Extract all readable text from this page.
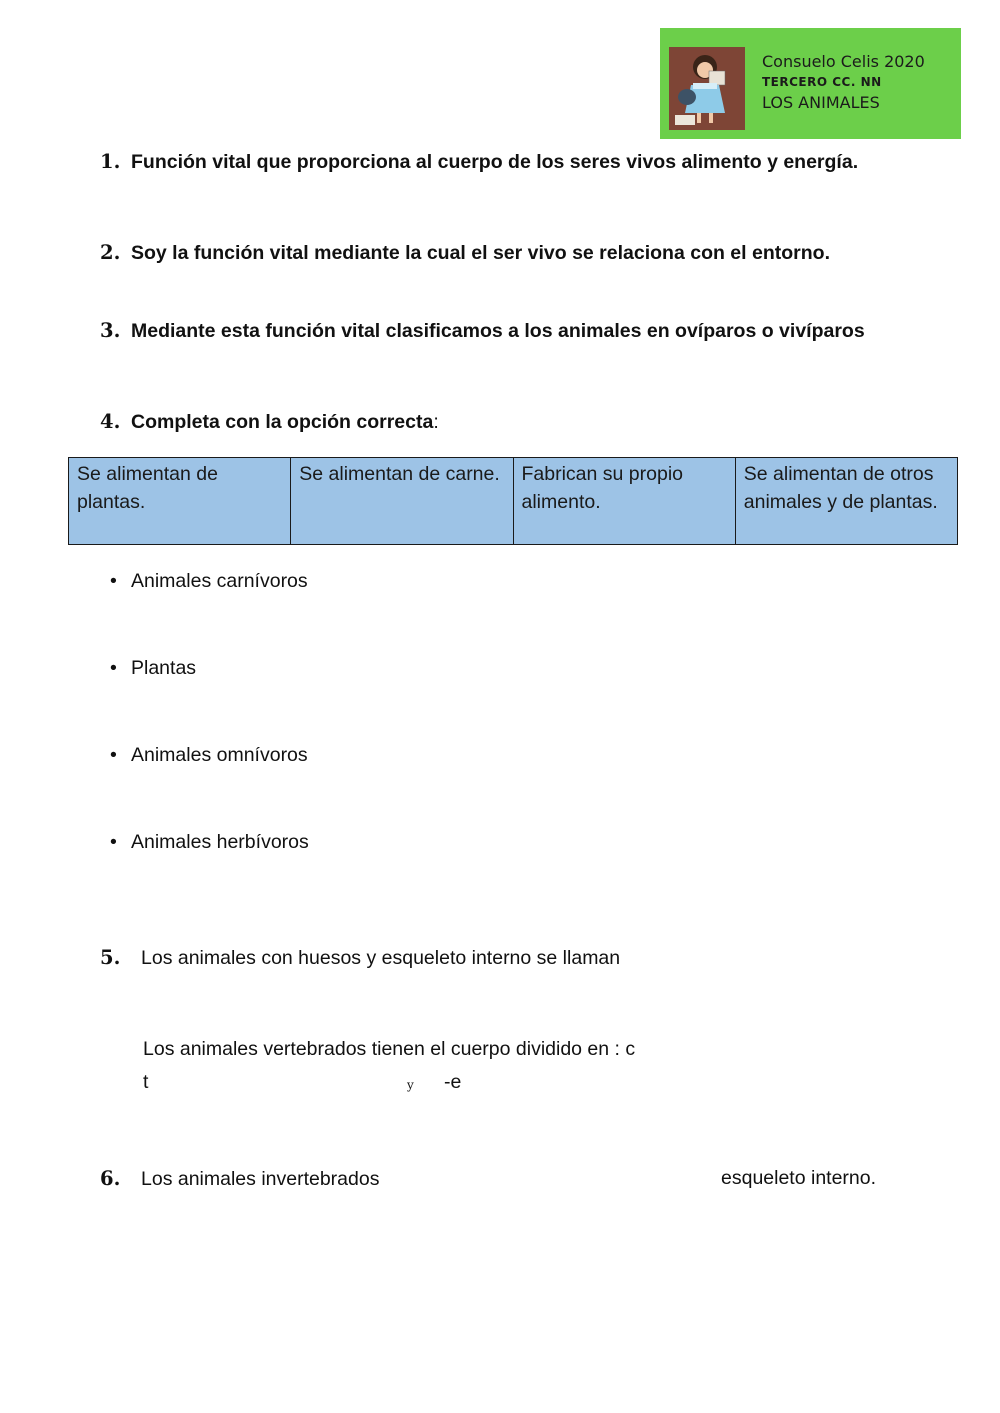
Consuelo Celis 2020
TERCERO CC. NN
LOS ANIMALES
1. Función vital que proporciona al cuerpo de los seres vivos alimento y energía.
2. Soy la función vital mediante la cual el ser vivo se relaciona con el entorno.
3. Mediante esta función vital clasificamos a los animales en ovíparos o vivíparos
4. Completa con la opción correcta:
Se alimentan de plantas.	Se alimentan de carne.	Fabrican su propio alimento.	Se alimentan de otros animales y de plantas.
• Animales carnívoros
• Plantas
• Animales omnívoros
• Animales herbívoros
5. Los animales con huesos y esqueleto interno se llaman
Los animales vertebrados tienen el cuerpo dividido en : c
t	y -e
6. Los animales invertebrados	esqueleto interno.
